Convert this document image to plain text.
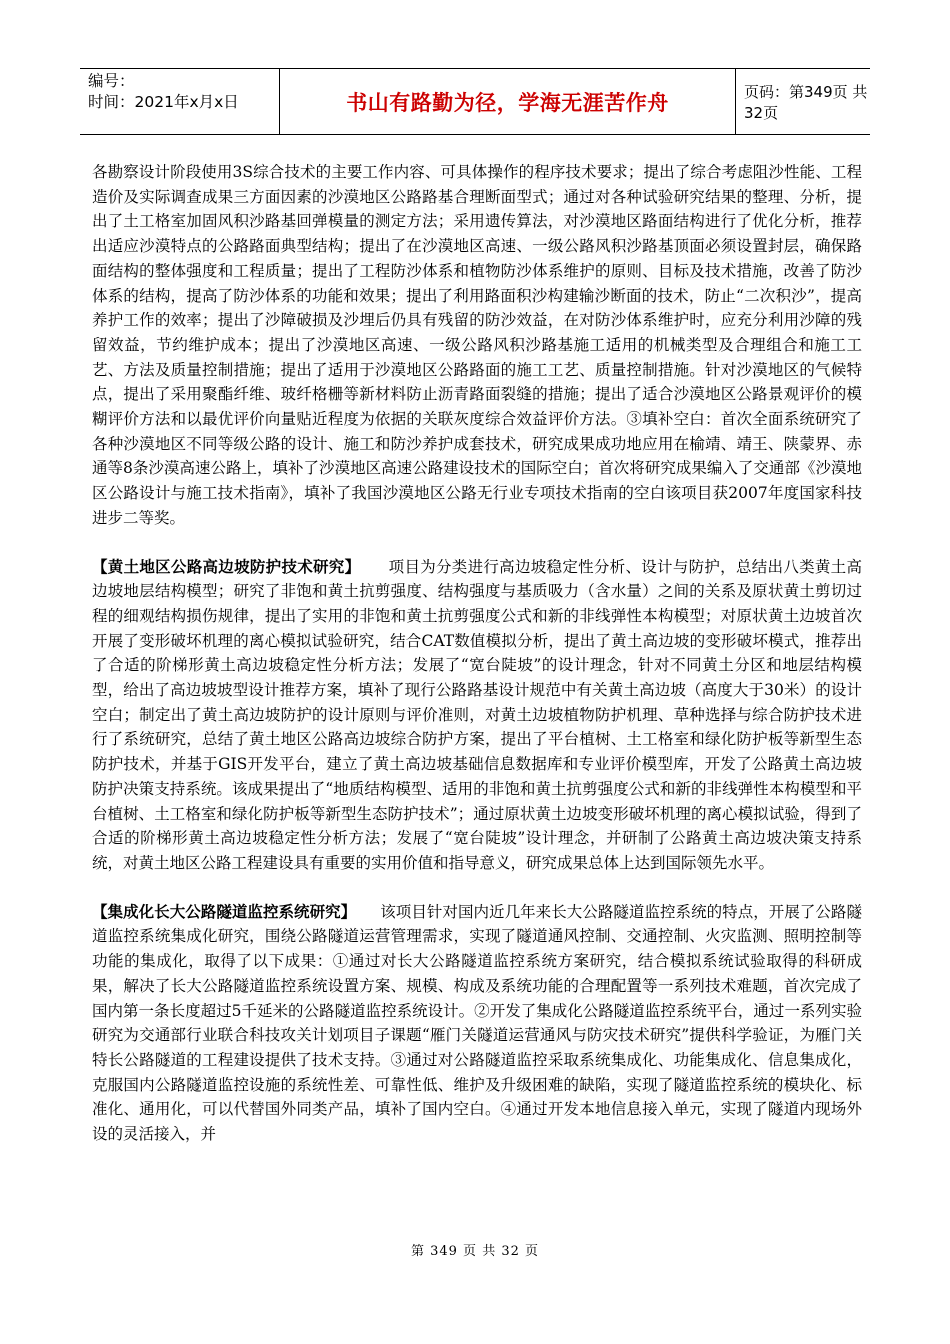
编号：
时间：2021年x月x日	书山有路勤为径，学海无涯苦作舟	页码：第349页 共32页

各勘察设计阶段使用3S综合技术的主要工作内容、可具体操作的程序技术要求；提出了综合考虑阻沙性能、工程造价及实际调查成果三方面因素的沙漠地区公路路基合理断面型式；通过对各种试验研究结果的整理、分析，提出了土工格室加固风积沙路基回弹模量的测定方法；采用遗传算法，对沙漠地区路面结构进行了优化分析，推荐出适应沙漠特点的公路路面典型结构；提出了在沙漠地区高速、一级公路风积沙路基顶面必须设置封层，确保路面结构的整体强度和工程质量；提出了工程防沙体系和植物防沙体系维护的原则、目标及技术措施，改善了防沙体系的结构，提高了防沙体系的功能和效果；提出了利用路面积沙构建输沙断面的技术，防止“二次积沙”，提高养护工作的效率；提出了沙障破损及沙埋后仍具有残留的防沙效益，在对防沙体系维护时，应充分利用沙障的残留效益，节约维护成本；提出了沙漠地区高速、一级公路风积沙路基施工适用的机械类型及合理组合和施工工艺、方法及质量控制措施；提出了适用于沙漠地区公路路面的施工工艺、质量控制措施。针对沙漠地区的气候特点，提出了采用聚酯纤维、玻纤格栅等新材料防止沥青路面裂缝的措施；提出了适合沙漠地区公路景观评价的模糊评价方法和以最优评价向量贴近程度为依据的关联灰度综合效益评价方法。③填补空白：首次全面系统研究了各种沙漠地区不同等级公路的设计、施工和防沙养护成套技术，研究成果成功地应用在榆靖、靖王、陕蒙界、赤通等8条沙漠高速公路上，填补了沙漠地区高速公路建设技术的国际空白；首次将研究成果编入了交通部《沙漠地区公路设计与施工技术指南》，填补了我国沙漠地区公路无行业专项技术指南的空白该项目获2007年度国家科技进步二等奖。

【黄土地区公路高边坡防护技术研究】 项目为分类进行高边坡稳定性分析、设计与防护，总结出八类黄土高边坡地层结构模型；研究了非饱和黄土抗剪强度、结构强度与基质吸力（含水量）之间的关系及原状黄土剪切过程的细观结构损伤规律，提出了实用的非饱和黄土抗剪强度公式和新的非线弹性本构模型；对原状黄土边坡首次开展了变形破坏机理的离心模拟试验研究，结合CAT数值模拟分析，提出了黄土高边坡的变形破坏模式，推荐出了合适的阶梯形黄土高边坡稳定性分析方法；发展了“宽台陡坡”的设计理念，针对不同黄土分区和地层结构模型，给出了高边坡坡型设计推荐方案，填补了现行公路路基设计规范中有关黄土高边坡（高度大于30米）的设计空白；制定出了黄土高边坡防护的设计原则与评价准则，对黄土边坡植物防护机理、草种选择与综合防护技术进行了系统研究，总结了黄土地区公路高边坡综合防护方案，提出了平台植树、土工格室和绿化防护板等新型生态防护技术，并基于GIS开发平台，建立了黄土高边坡基础信息数据库和专业评价模型库，开发了公路黄土高边坡防护决策支持系统。该成果提出了“地质结构模型、适用的非饱和黄土抗剪强度公式和新的非线弹性本构模型和平台植树、土工格室和绿化防护板等新型生态防护技术”；通过原状黄土边坡变形破坏机理的离心模拟试验，得到了合适的阶梯形黄土高边坡稳定性分析方法；发展了“宽台陡坡”设计理念，并研制了公路黄土高边坡决策支持系统，对黄土地区公路工程建设具有重要的实用价值和指导意义，研究成果总体上达到国际领先水平。

【集成化长大公路隧道监控系统研究】 该项目针对国内近几年来长大公路隧道监控系统的特点，开展了公路隧道监控系统集成化研究，围绕公路隧道运营管理需求，实现了隧道通风控制、交通控制、火灾监测、照明控制等功能的集成化，取得了以下成果：①通过对长大公路隧道监控系统方案研究，结合模拟系统试验取得的科研成果，解决了长大公路隧道监控系统设置方案、规模、构成及系统功能的合理配置等一系列技术难题，首次完成了国内第一条长度超过5千延米的公路隧道监控系统设计。②开发了集成化公路隧道监控系统平台，通过一系列实验研究为交通部行业联合科技攻关计划项目子课题“雁门关隧道运营通风与防灾技术研究”提供科学验证，为雁门关特长公路隧道的工程建设提供了技术支持。③通过对公路隧道监控采取系统集成化、功能集成化、信息集成化，克服国内公路隧道监控设施的系统性差、可靠性低、维护及升级困难的缺陷，实现了隧道监控系统的模块化、标准化、通用化，可以代替国外同类产品，填补了国内空白。④通过开发本地信息接入单元，实现了隧道内现场外设的灵活接入，并

第 349 页 共 32 页
